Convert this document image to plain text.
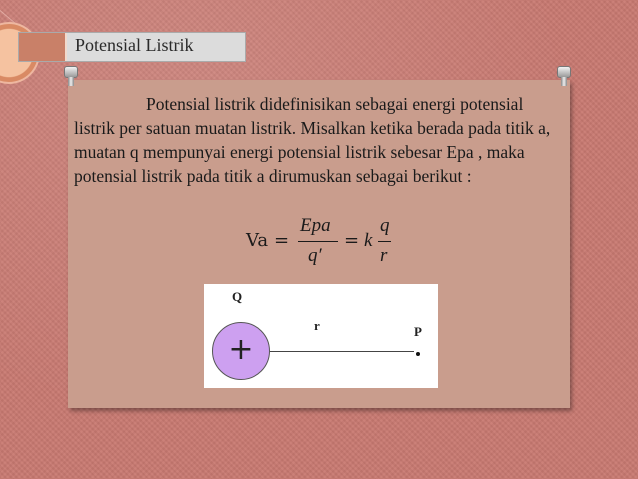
Potensial Listrik

Potensial listrik didefinisikan sebagai energi potensial listrik per satuan muatan listrik. Misalkan ketika berada pada titik a, muatan q mempunyai energi potensial listrik sebesar Epa , maka potensial listrik pada titik a dirumuskan sebagai berikut :

Va =
Epa
q′
= k
q
r
Q
+
r	P
